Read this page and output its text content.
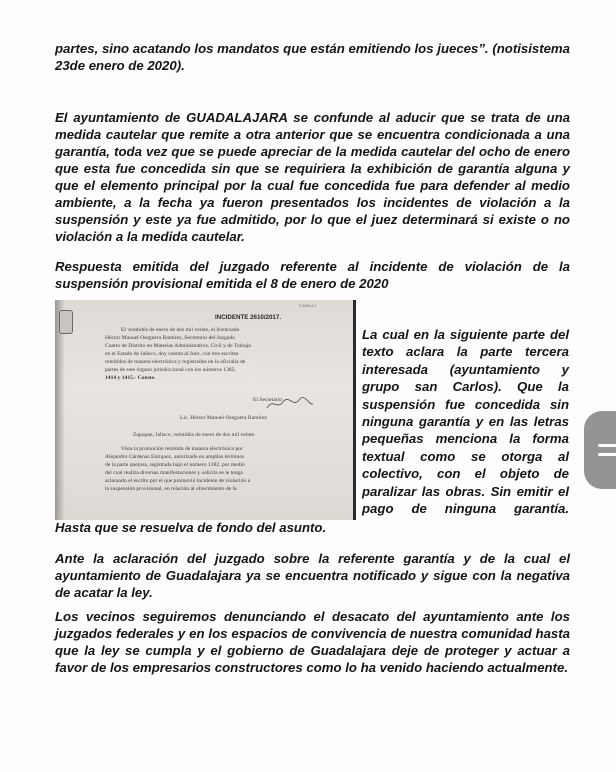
partes, sino acatando los mandatos que están emitiendo los jueces”. (notisistema 23de enero de 2020).

El ayuntamiento de GUADALAJARA se confunde al aducir que se trata de una medida cautelar que remite a otra anterior que se encuentra condicionada a una garantía, toda vez que se puede apreciar de la medida cautelar del ocho de enero que esta fue concedida sin que se requiriera la exhibición de garantía alguna y que el elemento principal por la cual fue concedida fue para defender al medio ambiente, a la fecha ya fueron presentados los incidentes de violación a la suspensión y este ya fue admitido, por lo que el juez determinará si existe o no violación a la medida cautelar.

Respuesta emitida del juzgado referente al incidente de violación de la suspensión provisional emitida el 8 de enero de 2020

F-0000-A-7
INCIDENTE 2610/2017.
El veintidós de enero de dos mil veinte, el licenciado
Héctor Manuel Oseguera Ramírez, Secretario del Juzgado
Cuarto de Distrito en Materias Administrativa, Civil y de Trabajo
en el Estado de Jalisco, doy cuenta al Juez, con tres escritos
remitidos de manera electrónica y registrados en la oficialía de
partes de este órgano jurisdiccional con los números 1382,
1414 y 1415.- Conste.
El Secretario
Lic. Héctor Manuel Oseguera Ramírez
Zapopan, Jalisco, veintidós de enero de dos mil veinte.
Vista la promoción remitida de manera electrónica por
Alejandro Cárdenas Enríquez, autorizado en amplios términos
de la parte quejosa, registrada bajo el número 1382, por medio
del cual realiza diversas manifestaciones y solicita se le tenga
aclarando el escrito por el que promovió incidente de violación a
la suspensión provisional, en relación al ofrecimiento de la

La cual en la siguiente parte del texto aclara la parte tercera interesada (ayuntamiento y grupo san Carlos). Que la suspensión fue concedida sin ninguna garantía y en las letras pequeñas menciona la forma textual como se otorga al colectivo, con el objeto de paralizar las obras. Sin emitir el pago de ninguna garantía.

Hasta que se resuelva de fondo del asunto.

Ante la aclaración del juzgado sobre la referente garantía y de la cual el ayuntamiento de Guadalajara ya se encuentra notificado y sigue con la negativa de acatar la ley.

Los vecinos seguiremos denunciando el desacato del ayuntamiento ante los juzgados federales y en los espacios de convivencia de nuestra comunidad hasta que la ley se cumpla y el gobierno de Guadalajara deje de proteger y actuar a favor de los empresarios constructores como lo ha venido haciendo actualmente.
